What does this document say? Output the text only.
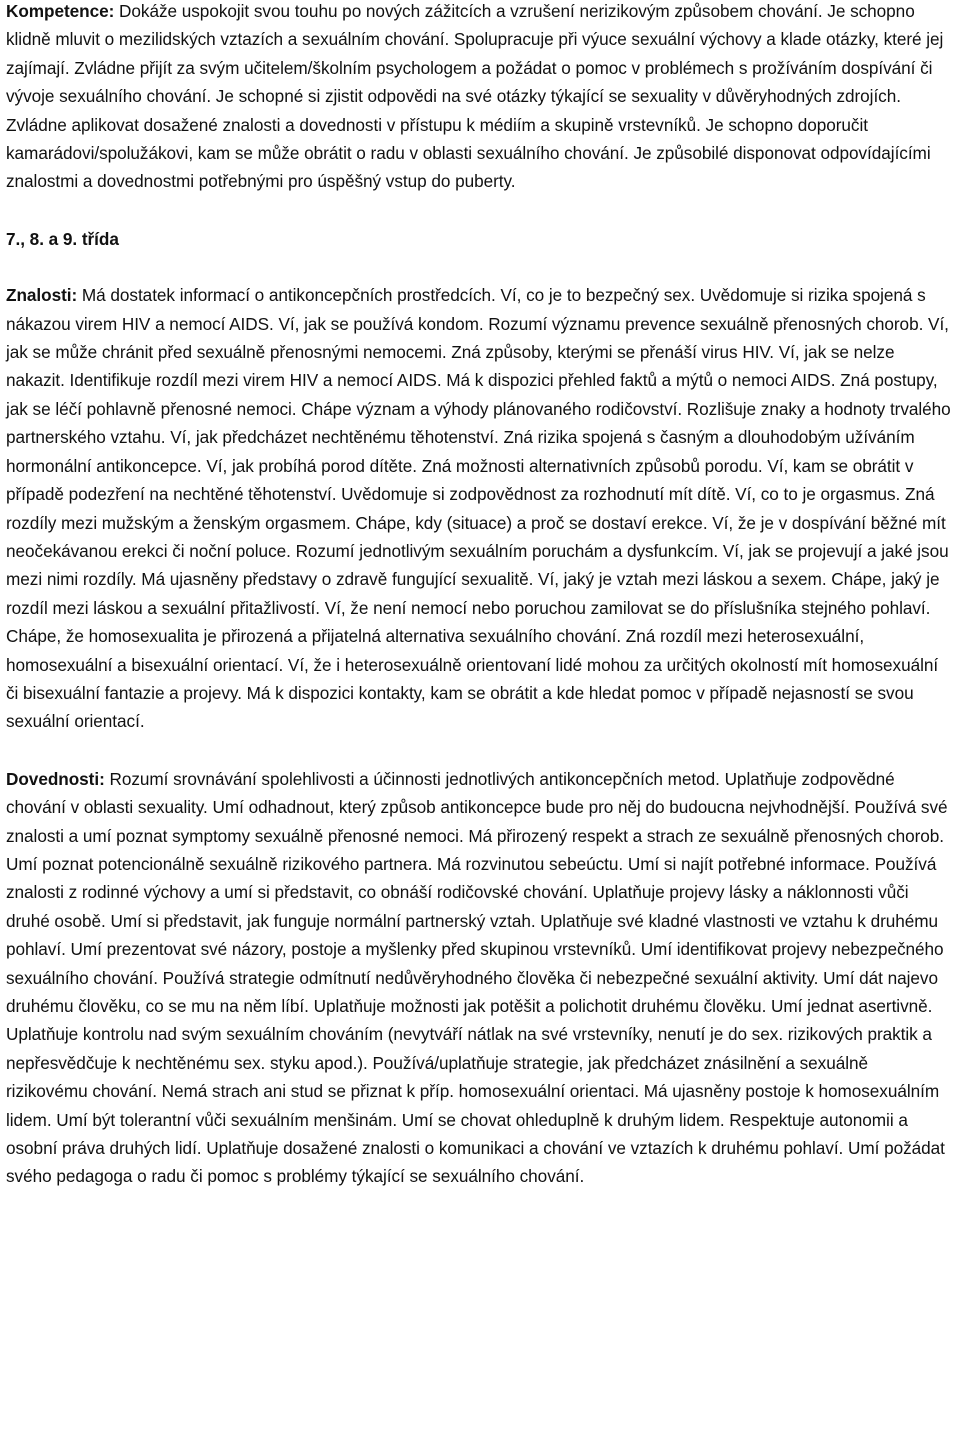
Kompetence: Dokáže uspokojit svou touhu po nových zážitcích a vzrušení nerizikovým způsobem chování. Je schopno klidně mluvit o mezilidských vztazích a sexuálním chování. Spolupracuje při výuce sexuální výchovy a klade otázky, které jej zajímají. Zvládne přijít za svým učitelem/školním psychologem a požádat o pomoc v problémech s prožíváním dospívání či vývoje sexuálního chování. Je schopné si zjistit odpovědi na své otázky týkající se sexuality v důvěryhodných zdrojích. Zvládne aplikovat dosažené znalosti a dovednosti v přístupu k médiím a skupině vrstevníků. Je schopno doporučit kamarádovi/spolužákovi, kam se může obrátit o radu v oblasti sexuálního chování. Je způsobilé disponovat odpovídajícími znalostmi a dovednostmi potřebnými pro úspěšný vstup do puberty.

7., 8. a 9. třída

Znalosti: Má dostatek informací o antikoncepčních prostředcích. Ví, co je to bezpečný sex. Uvědomuje si rizika spojená s nákazou virem HIV a nemocí AIDS. Ví, jak se používá kondom. Rozumí významu prevence sexuálně přenosných chorob. Ví, jak se může chránit před sexuálně přenosnými nemocemi. Zná způsoby, kterými se přenáší virus HIV. Ví, jak se nelze nakazit. Identifikuje rozdíl mezi virem HIV a nemocí AIDS. Má k dispozici přehled faktů a mýtů o nemoci AIDS. Zná postupy, jak se léčí pohlavně přenosné nemoci. Chápe význam a výhody plánovaného rodičovství. Rozlišuje znaky a hodnoty trvalého partnerského vztahu. Ví, jak předcházet nechtěnému těhotenství. Zná rizika spojená s časným a dlouhodobým užíváním hormonální antikoncepce. Ví, jak probíhá porod dítěte. Zná možnosti alternativních způsobů porodu. Ví, kam se obrátit v případě podezření na nechtěné těhotenství. Uvědomuje si zodpovědnost za rozhodnutí mít dítě. Ví, co to je orgasmus. Zná rozdíly mezi mužským a ženským orgasmem. Chápe, kdy (situace) a proč se dostaví erekce. Ví, že je v dospívání běžné mít neočekávanou erekci či noční poluce. Rozumí jednotlivým sexuálním poruchám a dysfunkcím. Ví, jak se projevují a jaké jsou mezi nimi rozdíly. Má ujasněny představy o zdravě fungující sexualitě. Ví, jaký je vztah mezi láskou a sexem. Chápe, jaký je rozdíl mezi láskou a sexuální přitažlivostí. Ví, že není nemocí nebo poruchou zamilovat se do příslušníka stejného pohlaví. Chápe, že homosexualita je přirozená a přijatelná alternativa sexuálního chování. Zná rozdíl mezi heterosexuální, homosexuální a bisexuální orientací. Ví, že i heterosexuálně orientovaní lidé mohou za určitých okolností mít homosexuální či bisexuální fantazie a projevy. Má k dispozici kontakty, kam se obrátit a kde hledat pomoc v případě nejasností se svou sexuální orientací.

Dovednosti: Rozumí srovnávání spolehlivosti a účinnosti jednotlivých antikoncepčních metod. Uplatňuje zodpovědné chování v oblasti sexuality. Umí odhadnout, který způsob antikoncepce bude pro něj do budoucna nejvhodnější. Používá své znalosti a umí poznat symptomy sexuálně přenosné nemoci. Má přirozený respekt a strach ze sexuálně přenosných chorob. Umí poznat potencionálně sexuálně rizikového partnera. Má rozvinutou sebeúctu. Umí si najít potřebné informace. Používá znalosti z rodinné výchovy a umí si představit, co obnáší rodičovské chování. Uplatňuje projevy lásky a náklonnosti vůči druhé osobě. Umí si představit, jak funguje normální partnerský vztah. Uplatňuje své kladné vlastnosti ve vztahu k druhému pohlaví. Umí prezentovat své názory, postoje a myšlenky před skupinou vrstevníků. Umí identifikovat projevy nebezpečného sexuálního chování. Používá strategie odmítnutí nedůvěryhodného člověka či nebezpečné sexuální aktivity. Umí dát najevo druhému člověku, co se mu na něm líbí. Uplatňuje možnosti jak potěšit a polichotit druhému člověku. Umí jednat asertivně. Uplatňuje kontrolu nad svým sexuálním chováním (nevytváří nátlak na své vrstevníky, nenutí je do sex. rizikových praktik a nepřesvědčuje k nechtěnému sex. styku apod.). Používá/uplatňuje strategie, jak předcházet znásilnění a sexuálně rizikovému chování. Nemá strach ani stud se přiznat k příp. homosexuální orientaci. Má ujasněny postoje k homosexuálním lidem. Umí být tolerantní vůči sexuálním menšinám. Umí se chovat ohleduplně k druhým lidem. Respektuje autonomii a osobní práva druhých lidí. Uplatňuje dosažené znalosti o komunikaci a chování ve vztazích k druhému pohlaví. Umí požádat svého pedagoga o radu či pomoc s problémy týkající se sexuálního chování.
